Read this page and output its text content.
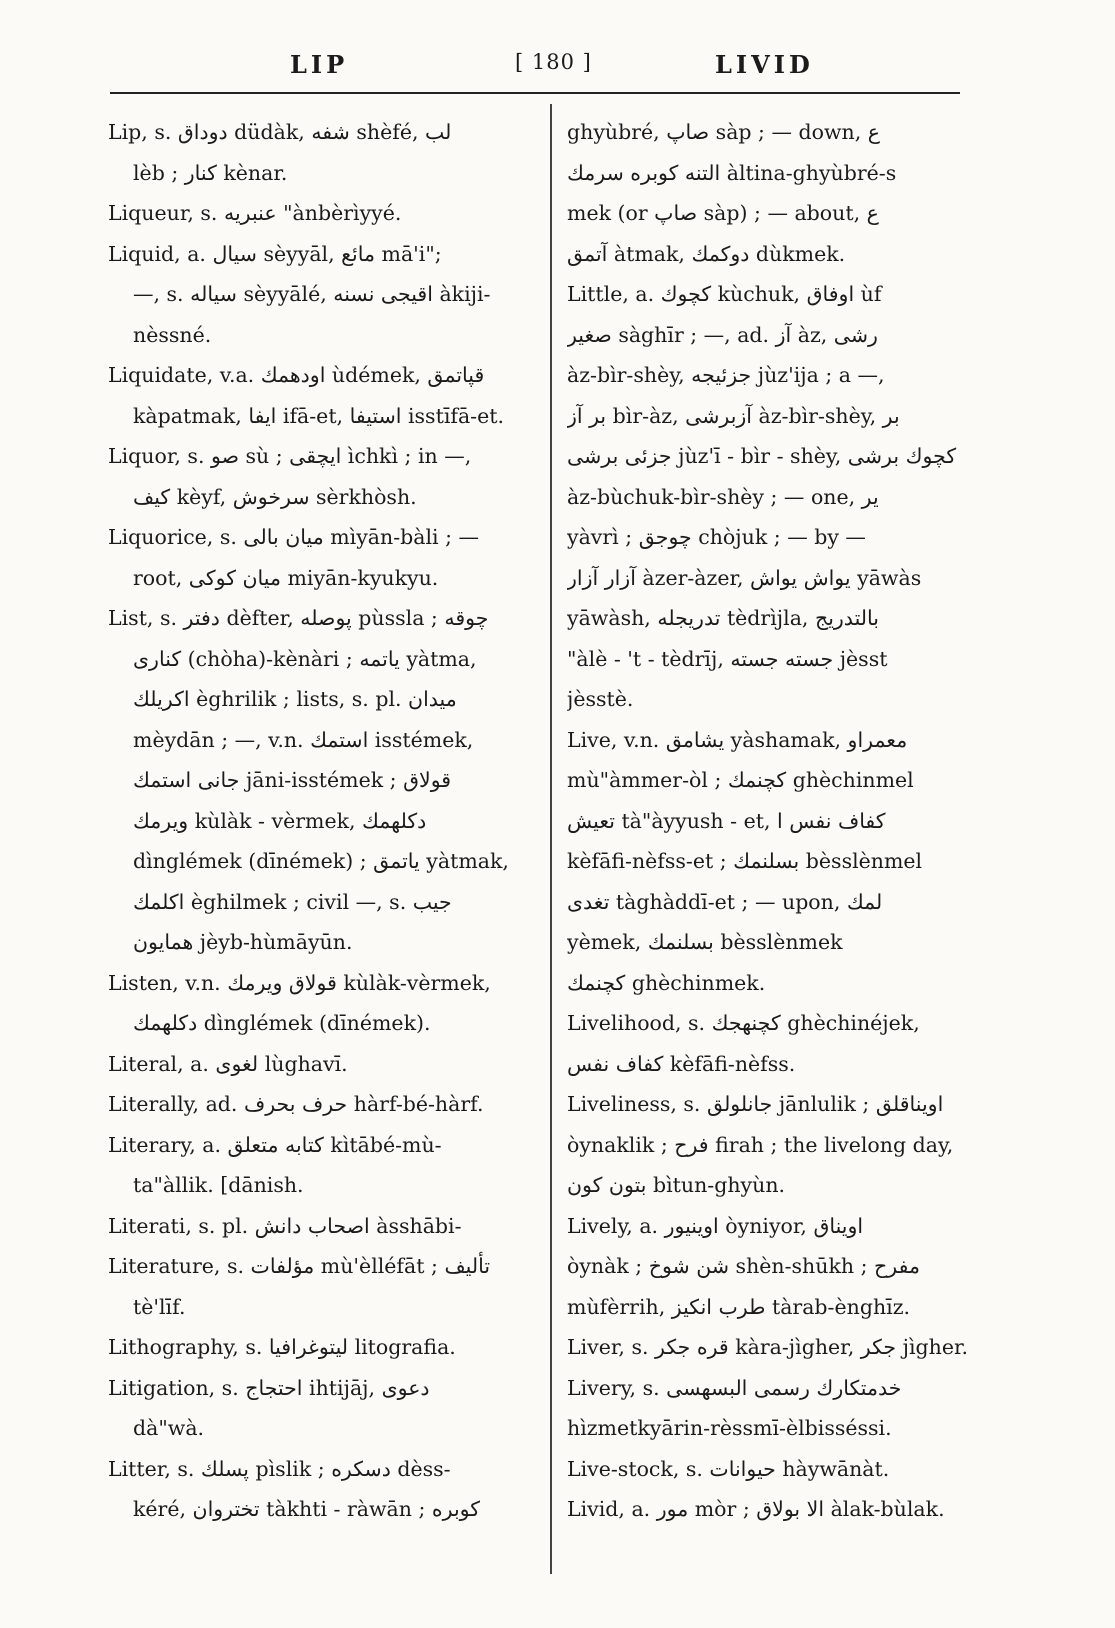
LIP	[ 180 ]	LIVID
Lip, s. دوداق düdàk, شفه shèfé, لب
lèb ; كنار kènar.
Liqueur, s. عنبريه "ànbèrìyyé.
Liquid, a. سيال sèyyāl, مائع mā'i";
—, s. سياله sèyyālé, اقيجى نسنه àkiji-
nèssné.
Liquidate, v.a. اودهمك ùdémek, قپاتمق
kàpatmak, ايفا ifā-et, استيفا isstīfā-et.
Liquor, s. صو sù ; ايچقى ìchkì ; in —,
كيف kèyf, سرخوش sèrkhòsh.
Liquorice, s. ميان بالى mìyān-bàli ; —
root, ميان كوكى miyān-kyukyu.
List, s. دفتر dèfter, پوصله pùssla ; چوقه
كنارى (chòha)-kènàri ; ياتمه yàtma,
اكريلك èghrilik ; lists, s. pl. ميدان
mèydān ; —, v.n. استمك isstémek,
جانى استمك jāni-isstémek ; قولاق
ويرمك kùlàk - vèrmek, دكلهمك
dìnglémek (dīnémek) ; ياتمق yàtmak,
اكلمك èghilmek ; civil —, s. جيب
همايون jèyb-hùmāyūn.
Listen, v.n. قولاق ويرمك kùlàk-vèrmek,
دكلهمك dìnglémek (dīnémek).
Literal, a. لغوى lùghavī.
Literally, ad. حرف بحرف hàrf-bé-hàrf.
Literary, a. كتابه متعلق kìtābé-mù-
ta"àllik. [dānish.
Literati, s. pl. اصحاب دانش àsshābi-
Literature, s. مؤلفات mù'èlléfāt ; تأليف
tè'līf.
Lithography, s. ليتوغرافيا litografia.
Litigation, s. احتجاج ihtijāj, دعوى
dà"wà.
Litter, s. پسلك pìslik ; دسكره dèss-
kéré, تختروان tàkhti - ràwān ; كوبره
ghyùbré, صاپ sàp ; — down, ع
التنه كوبره سرمك àltina-ghyùbré-s
mek (or صاپ sàp) ; — about, ع
آتمق àtmak, دوكمك dùkmek.
Little, a. كچوك kùchuk, اوفاق ùf
صغير sàghīr ; —, ad. آز àz, رشى
àz-bìr-shèy, جزئيجه jùz'ija ; a —,
بر آز bìr-àz, آزبرشى àz-bìr-shèy, بر
جزئى برشى jùz'ī - bìr - shèy, كچوك برشى
àz-bùchuk-bìr-shèy ; — one, ير
yàvrì ; چوجق chòjuk ; — by —
آزار آزار àzer-àzer, يواش يواش yāwàs
yāwàsh, تدريجله tèdrìjla, بالتدريج
"àlè - 't - tèdrīj, جسته جسته jèsst
jèsstè.
Live, v.n. يشامق yàshamak, معمراو
mù"àmmer-òl ; كچنمك ghèchinmel
تعيش tà"àyyush - et, كفاف نفس ا
kèfāfi-nèfss-et ; بسلنمك bèsslènmel
تغدى tàghàddī-et ; — upon, لمك
yèmek, بسلنمك bèsslènmek
كچنمك ghèchinmek.
Livelihood, s. كچنهجك ghèchinéjek,
كفاف نفس kèfāfi-nèfss.
Liveliness, s. جانلولق jānlulik ; اويناقلق
òynaklik ; فرح firah ; the livelong day,
بتون كون bìtun-ghyùn.
Lively, a. اوينيور òyniyor, اويناق
òynàk ; شن شوخ shèn-shūkh ; مفرح
mùfèrrih, طرب انكيز tàrab-ènghīz.
Liver, s. قره جكر kàra-jìgher, جكر jìgher.
Livery, s. خدمتكارك رسمى البسهسى
hìzmetkyārin-rèssmī-èlbisséssi.
Live-stock, s. حيوانات hàywānàt.
Livid, a. مور mòr ; الا بولاق àlak-bùlak.
